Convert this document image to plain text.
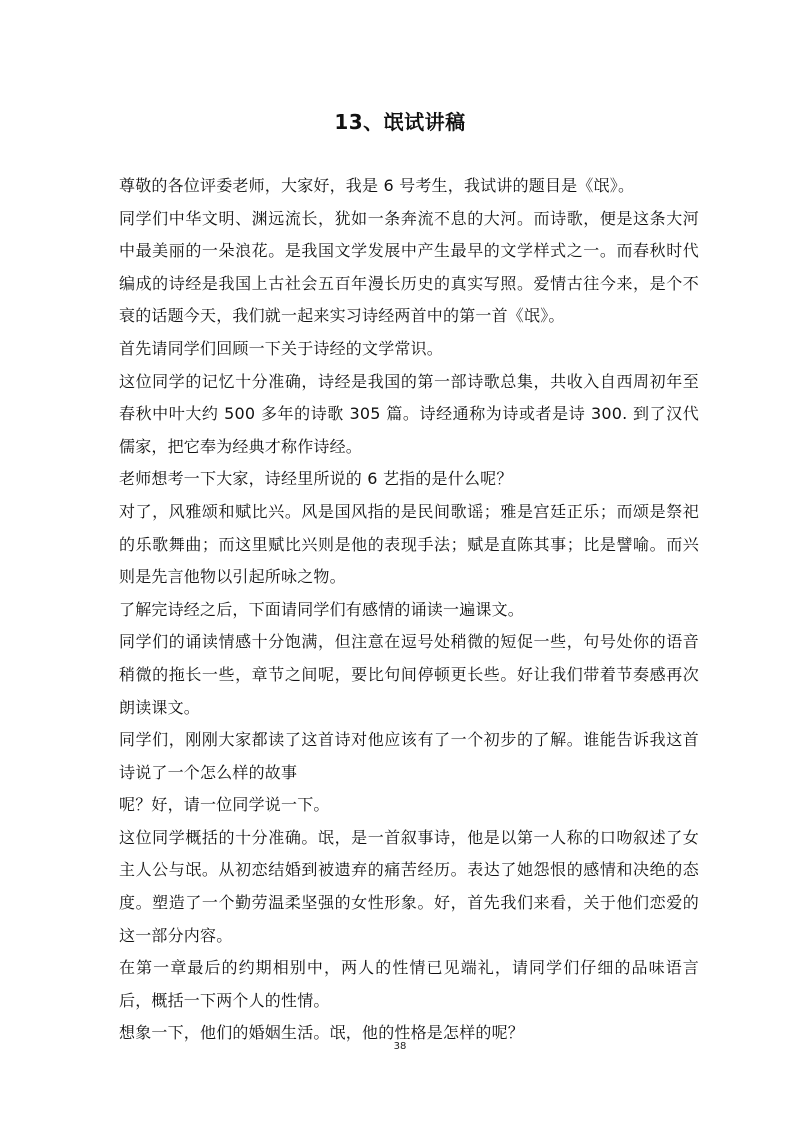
13、氓试讲稿

尊敬的各位评委老师，大家好，我是 6 号考生，我试讲的题目是《氓》。

同学们中华文明、渊远流长，犹如一条奔流不息的大河。而诗歌，便是这条大河中最美丽的一朵浪花。是我国文学发展中产生最早的文学样式之一。而春秋时代编成的诗经是我国上古社会五百年漫长历史的真实写照。爱情古往今来，是个不衰的话题今天，我们就一起来实习诗经两首中的第一首《氓》。

首先请同学们回顾一下关于诗经的文学常识。

这位同学的记忆十分准确，诗经是我国的第一部诗歌总集，共收入自西周初年至春秋中叶大约 500 多年的诗歌 305 篇。诗经通称为诗或者是诗 300. 到了汉代儒家，把它奉为经典才称作诗经。

老师想考一下大家，诗经里所说的 6 艺指的是什么呢？

对了，风雅颂和赋比兴。风是国风指的是民间歌谣；雅是宫廷正乐；而颂是祭祀的乐歌舞曲；而这里赋比兴则是他的表现手法；赋是直陈其事；比是譬喻。而兴则是先言他物以引起所咏之物。

了解完诗经之后，下面请同学们有感情的诵读一遍课文。

同学们的诵读情感十分饱满，但注意在逗号处稍微的短促一些，句号处你的语音稍微的拖长一些，章节之间呢，要比句间停顿更长些。好让我们带着节奏感再次朗读课文。

同学们，刚刚大家都读了这首诗对他应该有了一个初步的了解。谁能告诉我这首诗说了一个怎么样的故事

呢？好，请一位同学说一下。

这位同学概括的十分准确。氓，是一首叙事诗，他是以第一人称的口吻叙述了女主人公与氓。从初恋结婚到被遗弃的痛苦经历。表达了她怨恨的感情和决绝的态度。塑造了一个勤劳温柔坚强的女性形象。好，首先我们来看，关于他们恋爱的这一部分内容。

在第一章最后的约期相别中，两人的性情已见端礼，请同学们仔细的品味语言后，概括一下两个人的性情。

想象一下，他们的婚姻生活。氓，他的性格是怎样的呢？

38
